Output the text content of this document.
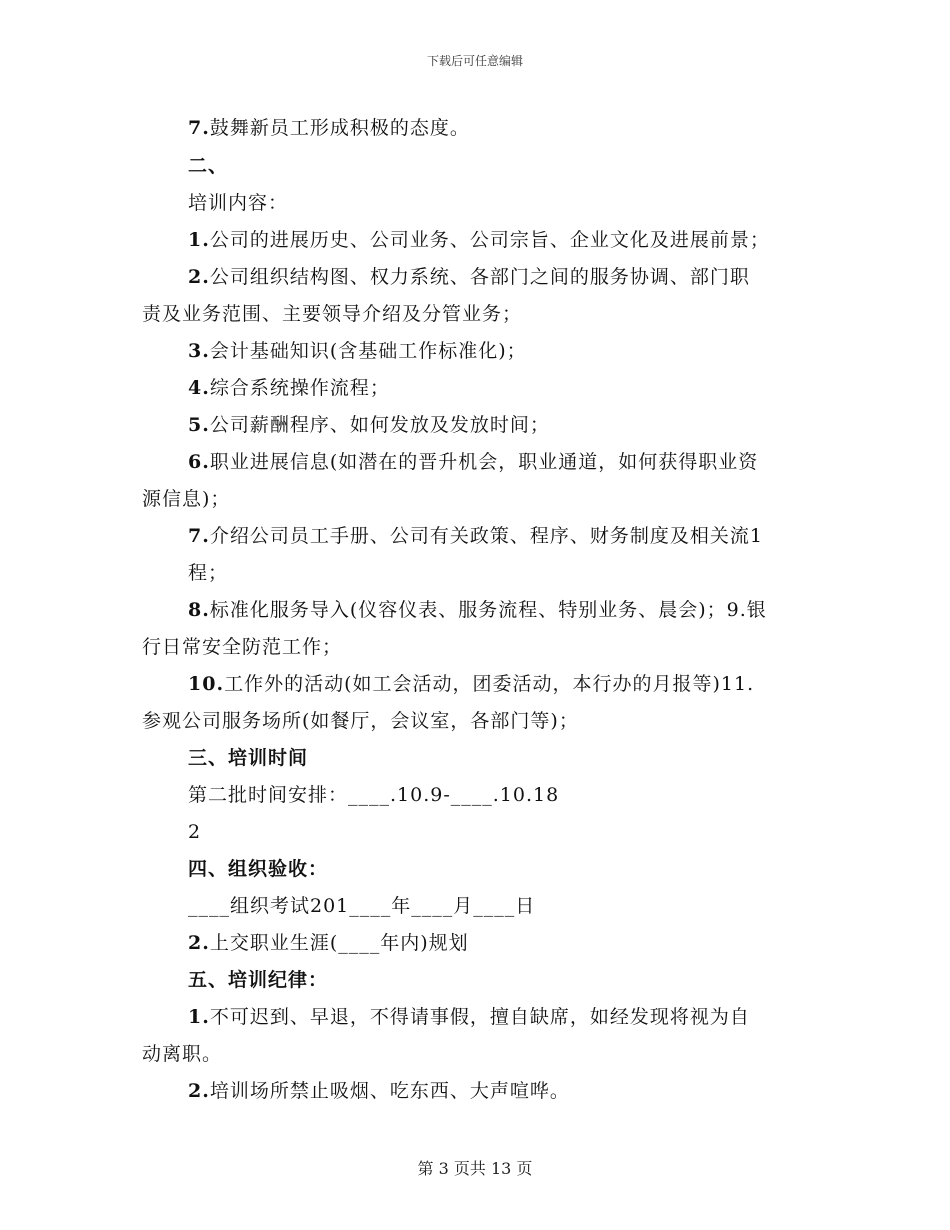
下载后可任意编辑
7.鼓舞新员工形成积极的态度。
二、
培训内容：
1.公司的进展历史、公司业务、公司宗旨、企业文化及进展前景；
2.公司组织结构图、权力系统、各部门之间的服务协调、部门职
责及业务范围、主要领导介绍及分管业务；
3.会计基础知识(含基础工作标准化)；
4.综合系统操作流程；
5.公司薪酬程序、如何发放及发放时间；
6.职业进展信息(如潜在的晋升机会，职业通道，如何获得职业资
源信息)；
7.介绍公司员工手册、公司有关政策、程序、财务制度及相关流1
程；
8.标准化服务导入(仪容仪表、服务流程、特别业务、晨会)；9.银
行日常安全防范工作；
10.工作外的活动(如工会活动，团委活动，本行办的月报等)11.
参观公司服务场所(如餐厅，会议室，各部门等)；
三、培训时间
第二批时间安排：____.10.9-____.10.18
2
四、组织验收：
____组织考试201____年____月____日
2.上交职业生涯(____年内)规划
五、培训纪律：
1.不可迟到、早退，不得请事假，擅自缺席，如经发现将视为自
动离职。
2.培训场所禁止吸烟、吃东西、大声喧哗。
第 3 页共 13 页
